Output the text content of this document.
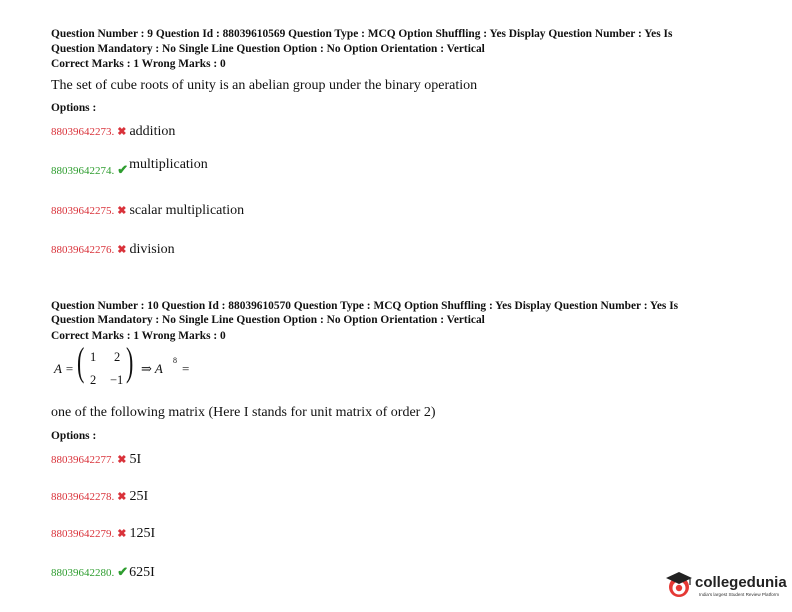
Question Number : 9 Question Id : 88039610569 Question Type : MCQ Option Shuffling : Yes Display Question Number : Yes Is
Question Mandatory : No Single Line Question Option : No Option Orientation : Vertical
Correct Marks : 1 Wrong Marks : 0
The set of cube roots of unity is an abelian group under the binary operation
Options :
88039642273. ✖ addition
88039642274. ✔multiplication
88039642275. ✖ scalar multiplication
88039642276. ✖ division
Question Number : 10 Question Id : 88039610570 Question Type : MCQ Option Shuffling : Yes Display Question Number : Yes Is
Question Mandatory : No Single Line Question Option : No Option Orientation : Vertical
Correct Marks : 1 Wrong Marks : 0
A = ( 1 2
2 −1 ) ⇒ A
8
=
one of the following matrix (Here I stands for unit matrix of order 2)
Options :
88039642277. ✖ 5I
88039642278. ✖ 25I
88039642279. ✖ 125I
88039642280. ✔625I
collegedunia
India's largest Student Review Platform
